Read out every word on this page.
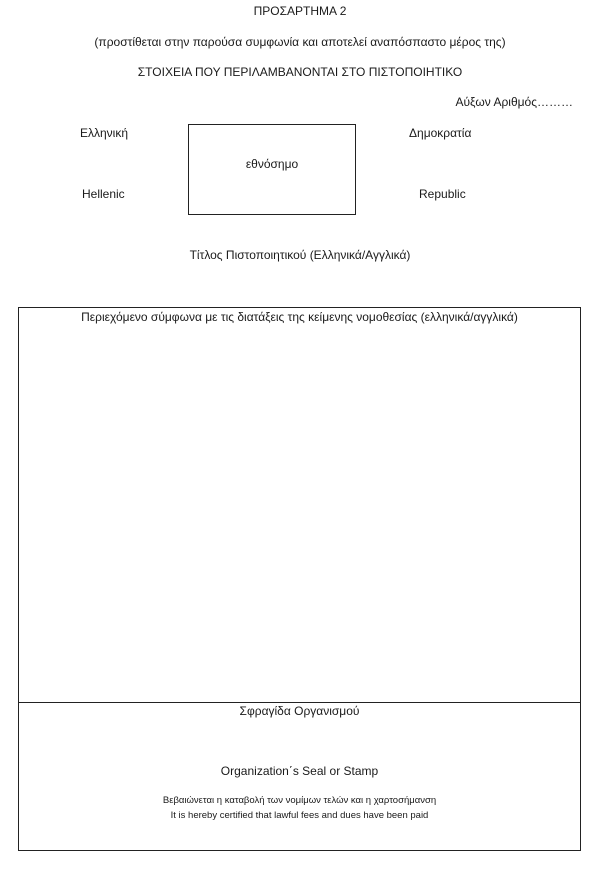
ΠΡΟΣΑΡΤΗΜΑ 2
(προστίθεται στην παρούσα συμφωνία και αποτελεί αναπόσπαστο μέρος της)
ΣΤΟΙΧΕΙΑ ΠΟΥ ΠΕΡΙΛΑΜΒΑΝΟΝΤΑΙ ΣΤΟ ΠΙΣΤΟΠΟΙΗΤΙΚΟ
Αύξων Αριθμός………
Ελληνική
Hellenic
εθνόσημο
Δημοκρατία
Republic
Τίτλος Πιστοποιητικού (Ελληνικά/Αγγλικά)
Περιεχόμενο σύμφωνα με τις διατάξεις της κείμενης νομοθεσίας (ελληνικά/αγγλικά)
Σφραγίδα Οργανισμού
Organization΄s Seal or Stamp
Βεβαιώνεται η καταβολή των νομίμων τελών και η χαρτοσήμανση
It is hereby certified that lawful fees and dues have been paid
